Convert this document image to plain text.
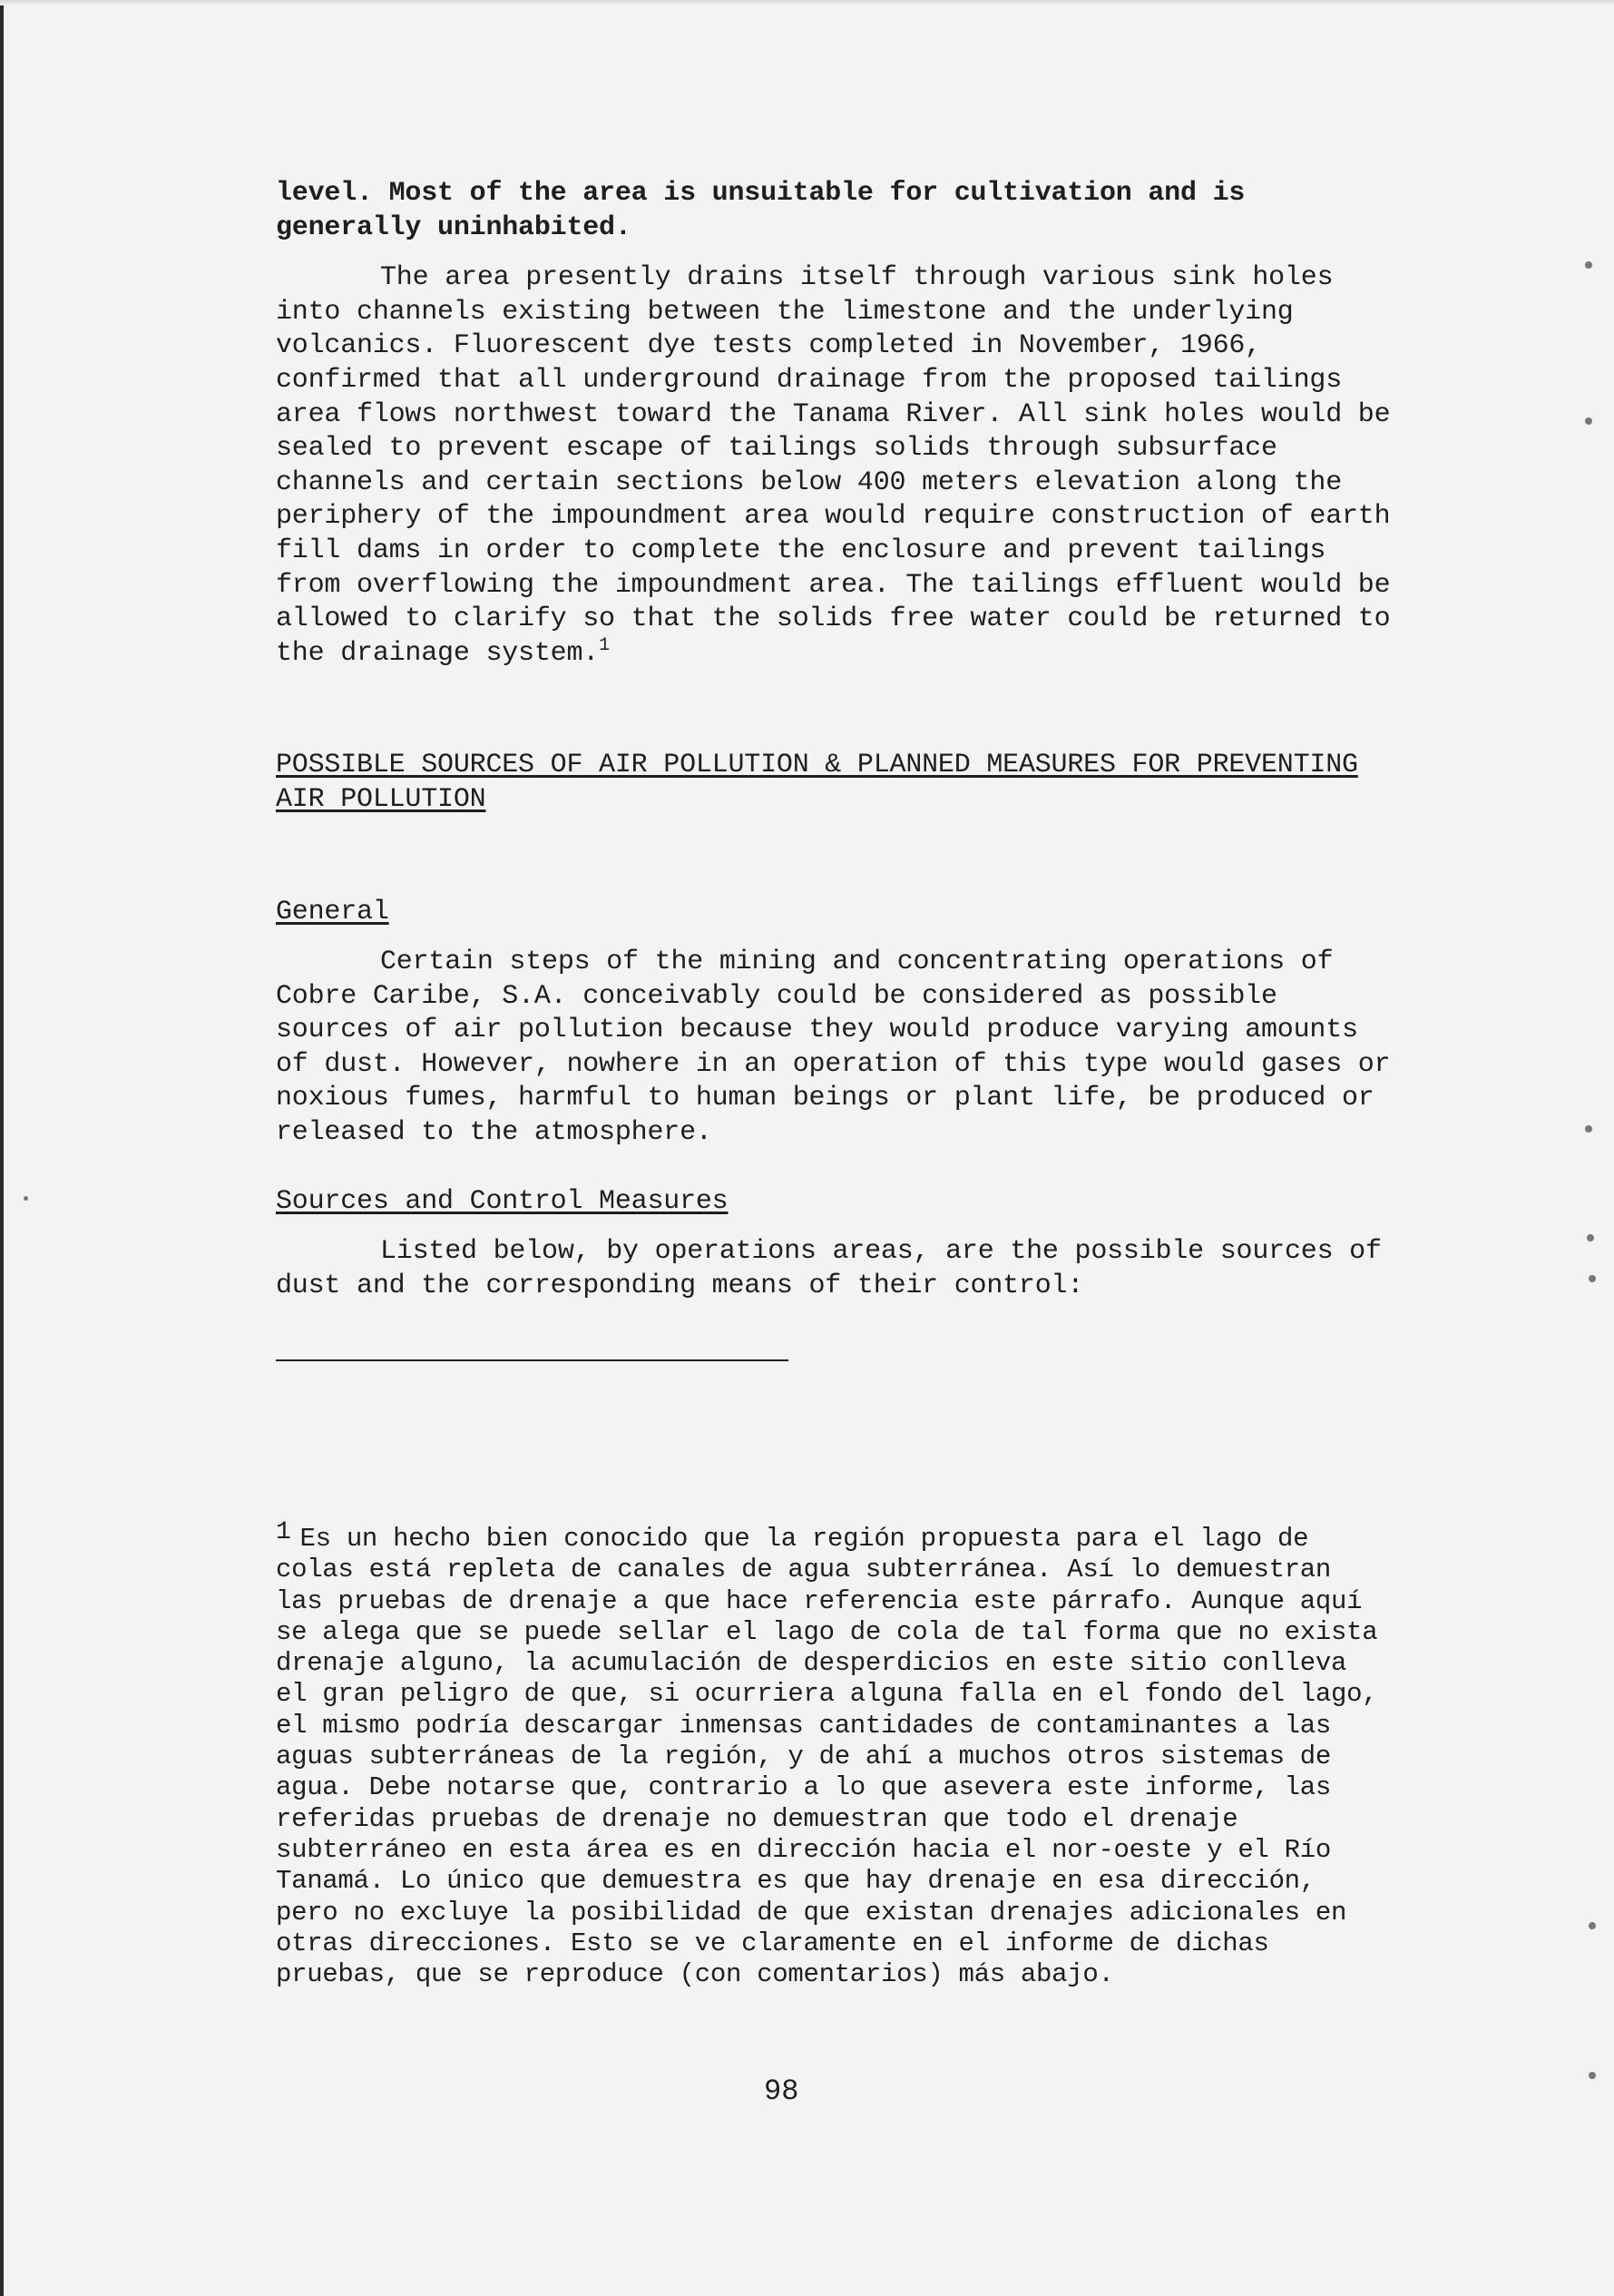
level. Most of the area is unsuitable for cultivation and is generally uninhabited.

The area presently drains itself through various sink holes into channels existing between the limestone and the underlying volcanics. Fluorescent dye tests completed in November, 1966, confirmed that all underground drainage from the proposed tailings area flows northwest toward the Tanama River. All sink holes would be sealed to prevent escape of tailings solids through subsurface channels and certain sections below 400 meters elevation along the periphery of the impoundment area would require construction of earth fill dams in order to complete the enclosure and prevent tailings from overflowing the impoundment area. The tailings effluent would be allowed to clarify so that the solids free water could be returned to the drainage system.$^1$

POSSIBLE SOURCES OF AIR POLLUTION & PLANNED MEASURES FOR PREVENTING AIR POLLUTION

General

Certain steps of the mining and concentrating operations of Cobre Caribe, S.A. conceivably could be considered as possible sources of air pollution because they would produce varying amounts of dust. However, nowhere in an operation of this type would gases or noxious fumes, harmful to human beings or plant life, be produced or released to the atmosphere.

Sources and Control Measures

Listed below, by operations areas, are the possible sources of dust and the corresponding means of their control:

1 Es un hecho bien conocido que la región propuesta para el lago de colas está repleta de canales de agua subterránea. Así lo demuestran las pruebas de drenaje a que hace referencia este párrafo. Aunque aquí se alega que se puede sellar el lago de cola de tal forma que no exista drenaje alguno, la acumulación de desperdicios en este sitio conlleva el gran peligro de que, si ocurriera alguna falla en el fondo del lago, el mismo podría descargar inmensas cantidades de contaminantes a las aguas subterráneas de la región, y de ahí a muchos otros sistemas de agua. Debe notarse que, contrario a lo que asevera este informe, las referidas pruebas de drenaje no demuestran que todo el drenaje subterráneo en esta área es en dirección hacia el nor-oeste y el Río Tanamá. Lo único que demuestra es que hay drenaje en esa dirección, pero no excluye la posibilidad de que existan drenajes adicionales en otras direcciones. Esto se ve claramente en el informe de dichas pruebas, que se reproduce (con comentarios) más abajo.

98
